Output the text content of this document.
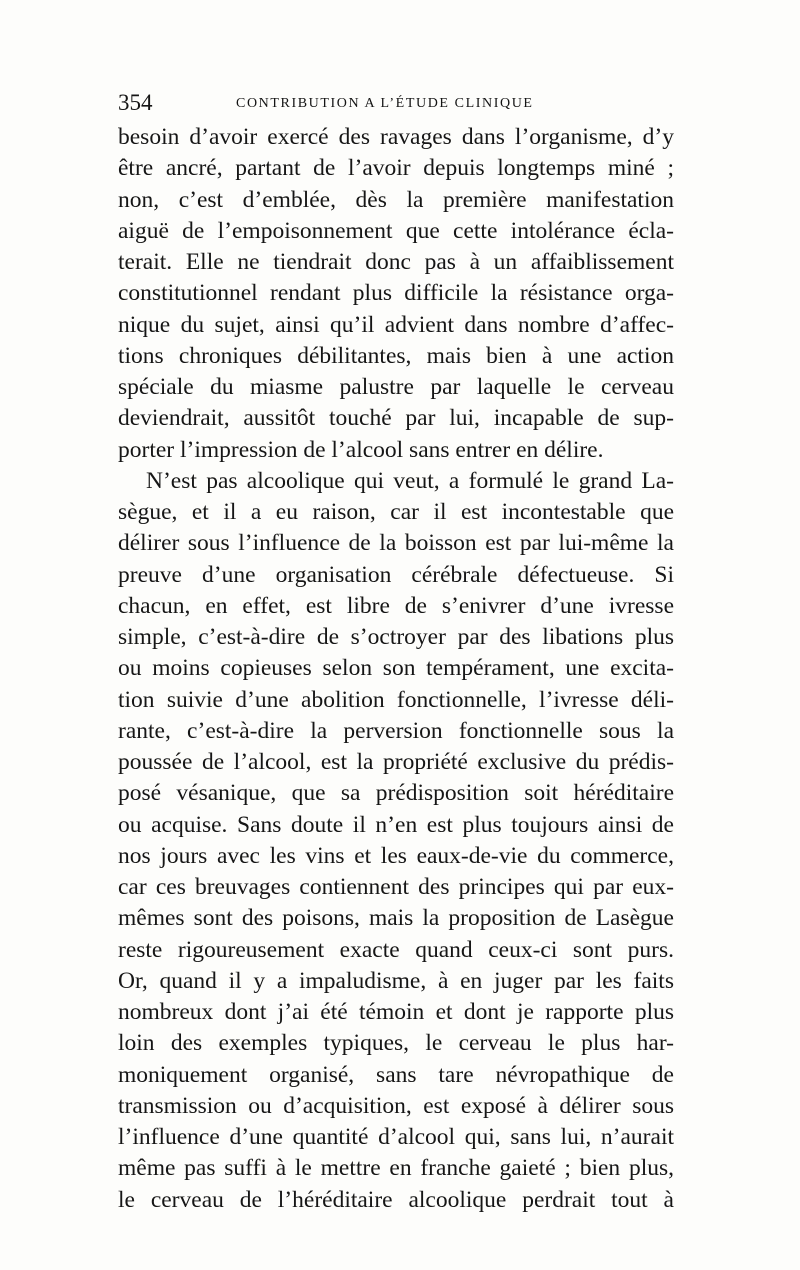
354	CONTRIBUTION A L’ÉTUDE CLINIQUE
besoin d’avoir exercé des ravages dans l’organisme, d’y
être ancré, partant de l’avoir depuis longtemps miné ;
non, c’est d’emblée, dès la première manifestation
aiguë de l’empoisonnement que cette intolérance écla-
terait. Elle ne tiendrait donc pas à un affaiblissement
constitutionnel rendant plus difficile la résistance orga-
nique du sujet, ainsi qu’il advient dans nombre d’affec-
tions chroniques débilitantes, mais bien à une action
spéciale du miasme palustre par laquelle le cerveau
deviendrait, aussitôt touché par lui, incapable de sup-
porter l’impression de l’alcool sans entrer en délire.
N’est pas alcoolique qui veut, a formulé le grand La-
sègue, et il a eu raison, car il est incontestable que
délirer sous l’influence de la boisson est par lui-même la
preuve d’une organisation cérébrale défectueuse. Si
chacun, en effet, est libre de s’enivrer d’une ivresse
simple, c’est-à-dire de s’octroyer par des libations plus
ou moins copieuses selon son tempérament, une excita-
tion suivie d’une abolition fonctionnelle, l’ivresse déli-
rante, c’est-à-dire la perversion fonctionnelle sous la
poussée de l’alcool, est la propriété exclusive du prédis-
posé vésanique, que sa prédisposition soit héréditaire
ou acquise. Sans doute il n’en est plus toujours ainsi de
nos jours avec les vins et les eaux-de-vie du commerce,
car ces breuvages contiennent des principes qui par eux-
mêmes sont des poisons, mais la proposition de Lasègue
reste rigoureusement exacte quand ceux-ci sont purs.
Or, quand il y a impaludisme, à en juger par les faits
nombreux dont j’ai été témoin et dont je rapporte plus
loin des exemples typiques, le cerveau le plus har-
moniquement organisé, sans tare névropathique de
transmission ou d’acquisition, est exposé à délirer sous
l’influence d’une quantité d’alcool qui, sans lui, n’aurait
même pas suffi à le mettre en franche gaieté ; bien plus,
le cerveau de l’héréditaire alcoolique perdrait tout à
